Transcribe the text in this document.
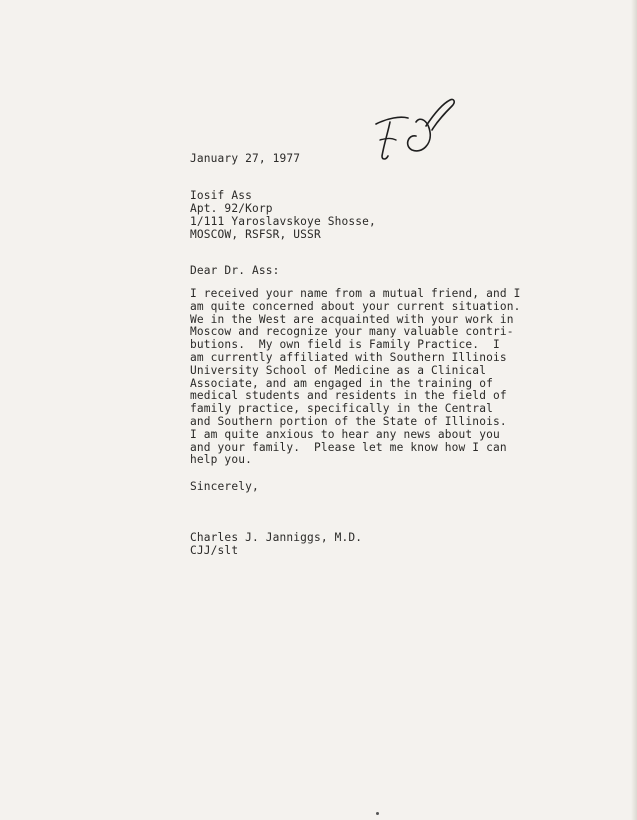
January 27, 1977
Iosif Ass
Apt. 92/Korp
1/111 Yaroslavskoye Shosse,
MOSCOW, RSFSR, USSR
Dear Dr. Ass:
I received your name from a mutual friend, and I
am quite concerned about your current situation.
We in the West are acquainted with your work in
Moscow and recognize your many valuable contri-
butions.  My own field is Family Practice.  I
am currently affiliated with Southern Illinois
University School of Medicine as a Clinical
Associate, and am engaged in the training of
medical students and residents in the field of
family practice, specifically in the Central
and Southern portion of the State of Illinois.
I am quite anxious to hear any news about you
and your family.  Please let me know how I can
help you.
Sincerely,
Charles J. Janniggs, M.D.
CJJ/slt
